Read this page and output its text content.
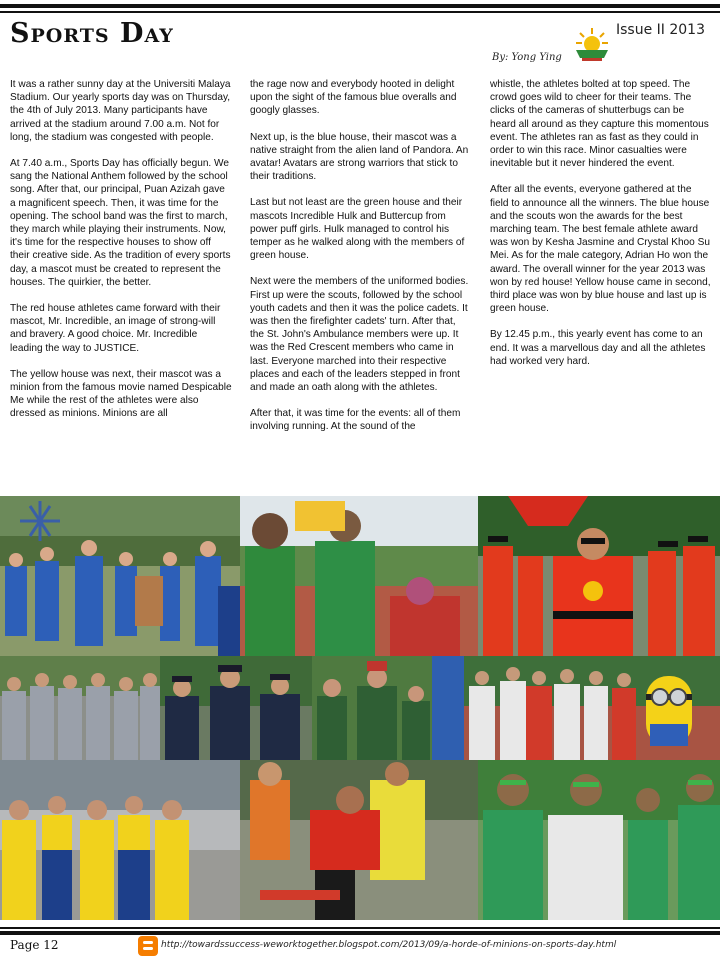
Sports Day	Issue II 2013
By: Yong Ying

It was a rather sunny day at the Universiti Malaya Stadium. Our yearly sports day was on Thursday, the 4th of July 2013. Many participants have arrived at the stadium around 7.00 a.m. Not for long, the stadium was congested with people.

At 7.40 a.m., Sports Day has officially begun. We sang the National Anthem followed by the school song. After that, our principal, Puan Azizah gave a magnificent speech. Then, it was time for the opening. The school band was the first to march, they march while playing their instruments. Now, it's time for the respective houses to show off their creative side. As the tradition of every sports day, a mascot must be created to represent the houses. The quirkier, the better.

The red house athletes came forward with their mascot, Mr. Incredible, an image of strong-will and bravery. A good choice. Mr. Incredible leading the way to JUSTICE.

The yellow house was next, their mascot was a minion from the famous movie named Despicable Me while the rest of the athletes were also dressed as minions. Minions are all

the rage now and everybody hooted in delight upon the sight of the famous blue overalls and googly glasses.

Next up, is the blue house, their mascot was a native straight from the alien land of Pandora. An avatar! Avatars are strong warriors that stick to their traditions.

Last but not least are the green house and their mascots Incredible Hulk and Buttercup from power puff girls. Hulk managed to control his temper as he walked along with the members of green house.

Next were the members of the uniformed bodies. First up were the scouts, followed by the school youth cadets and then it was the police cadets. It was then the firefighter cadets' turn. After that, the St. John's Ambulance members were up. It was the Red Crescent members who came in last. Everyone marched into their respective places and each of the leaders stepped in front and made an oath along with the athletes.

After that, it was time for the events: all of them involving running. At the sound of the

whistle, the athletes bolted at top speed. The crowd goes wild to cheer for their teams. The clicks of the cameras of shutterbugs can be heard all around as they capture this momentous event. The athletes ran as fast as they could in order to win this race. Minor casualties were inevitable but it never hindered the event.

After all the events, everyone gathered at the field to announce all the winners. The blue house and the scouts won the awards for the best marching team. The best female athlete award was won by Kesha Jasmine and Crystal Khoo Su Mei. As for the male category, Adrian Ho won the award. The overall winner for the year 2013 was won by red house! Yellow house came in second, third place was won by blue house and last up is green house.

By 12.45 p.m., this yearly event has come to an end. It was a marvellous day and all the athletes had worked very hard.

Page 12	http://towardssuccess-weworktogether.blogspot.com/2013/09/a-horde-of-minions-on-sports-day.html
